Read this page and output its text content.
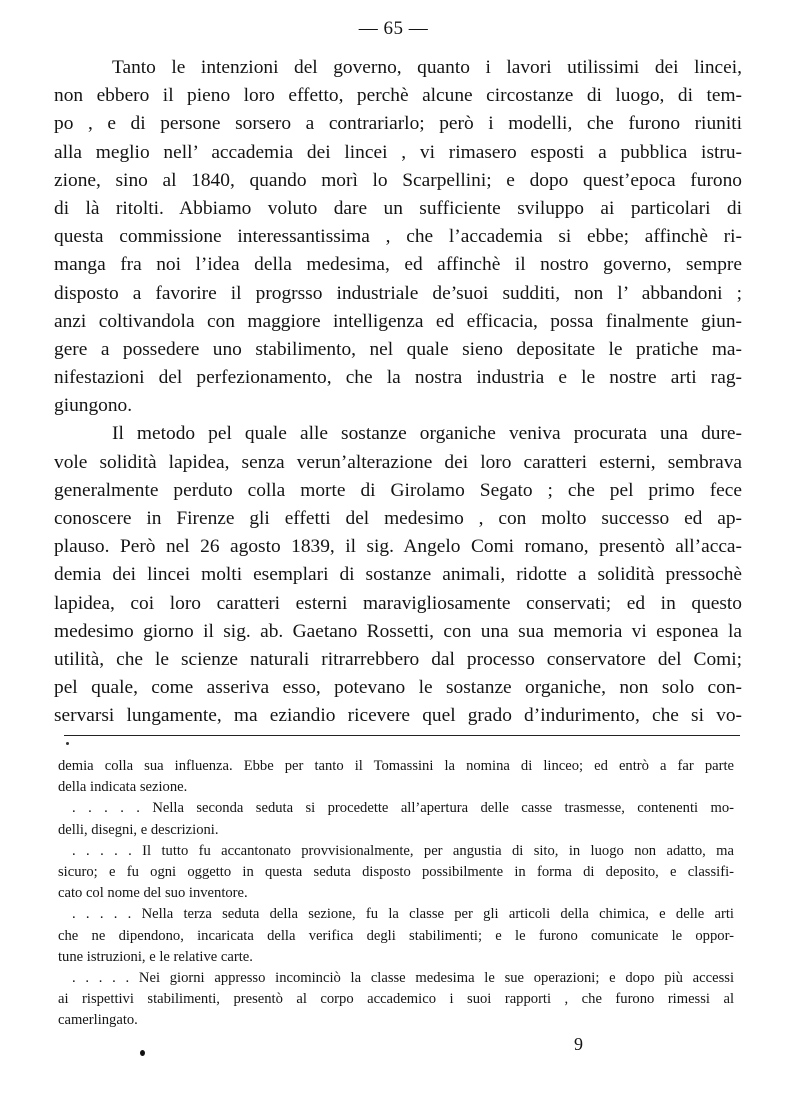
— 65 —
Tanto le intenzioni del governo, quanto i lavori utilissimi dei lincei,
non ebbero il pieno loro effetto, perchè alcune circostanze di luogo, di tem-
po , e di persone sorsero a contrariarlo; però i modelli, che furono riuniti
alla meglio nell’ accademia dei lincei , vi rimasero esposti a pubblica istru-
zione, sino al 1840, quando morì lo Scarpellini; e dopo quest’epoca furono
di là ritolti. Abbiamo voluto dare un sufficiente sviluppo ai particolari di
questa commissione interessantissima , che l’accademia si ebbe; affinchè ri-
manga fra noi l’idea della medesima, ed affinchè il nostro governo, sempre
disposto a favorire il progrsso industriale de’suoi sudditi, non l’ abbandoni ;
anzi coltivandola con maggiore intelligenza ed efficacia, possa finalmente giun-
gere a possedere uno stabilimento, nel quale sieno depositate le pratiche ma-
nifestazioni del perfezionamento, che la nostra industria e le nostre arti rag-
giungono.
Il metodo pel quale alle sostanze organiche veniva procurata una dure-
vole solidità lapidea, senza verun’alterazione dei loro caratteri esterni, sembrava
generalmente perduto colla morte di Girolamo Segato ; che pel primo fece
conoscere in Firenze gli effetti del medesimo , con molto successo ed ap-
plauso. Però nel 26 agosto 1839, il sig. Angelo Comi romano, presentò all’acca-
demia dei lincei molti esemplari di sostanze animali, ridotte a solidità pressochè
lapidea, coi loro caratteri esterni maravigliosamente conservati; ed in questo
medesimo giorno il sig. ab. Gaetano Rossetti, con una sua memoria vi esponea la
utilità, che le scienze naturali ritrarrebbero dal processo conservatore del Comi;
pel quale, come asseriva esso, potevano le sostanze organiche, non solo con-
servarsi lungamente, ma eziandio ricevere quel grado d’indurimento, che si vo-
demia colla sua influenza. Ebbe per tanto il Tomassini la nomina di linceo; ed entrò a far parte
della indicata sezione.
. . . . . Nella seconda seduta si procedette all’apertura delle casse trasmesse, contenenti mo-
delli, disegni, e descrizioni.
. . . . . Il tutto fu accantonato provvisionalmente, per angustia di sito, in luogo non adatto, ma
sicuro; e fu ogni oggetto in questa seduta disposto possibilmente in forma di deposito, e classifi-
cato col nome del suo inventore.
. . . . . Nella terza seduta della sezione, fu la classe per gli articoli della chimica, e delle arti
che ne dipendono, incaricata della verifica degli stabilimenti; e le furono comunicate le oppor-
tune istruzioni, e le relative carte.
. . . . . Nei giorni appresso incominciò la classe medesima le sue operazioni; e dopo più accessi
ai rispettivi stabilimenti, presentò al corpo accademico i suoi rapporti , che furono rimessi al
camerlingato.
9
